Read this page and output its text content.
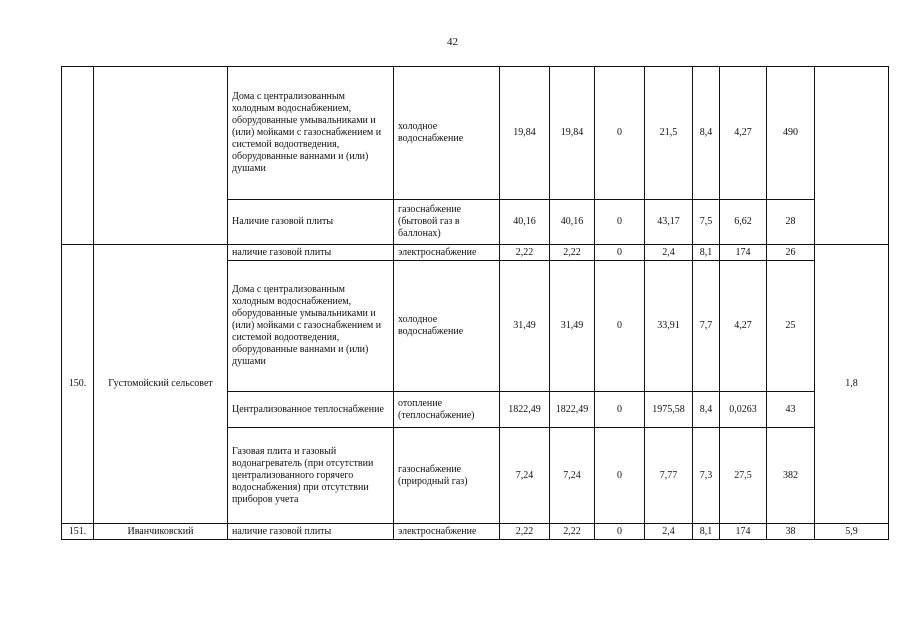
42
		Дома с централизованным холодным водоснабжением, оборудованные умывальниками и (или) мойками с газоснабжением и системой водоотведения, оборудованные ваннами и (или) душами	холодное водоснабжение	19,84	19,84	0	21,5	8,4	4,27	490	
		Наличие газовой плиты	газоснабжение (бытовой газ в баллонах)	40,16	40,16	0	43,17	7,5	6,62	28	
150.	Густомойский сельсовет	наличие газовой плиты	электроснабжение	2,22	2,22	0	2,4	8,1	174	26	1,8
		Дома с централизованным холодным водоснабжением, оборудованные умывальниками и (или) мойками с газоснабжением и системой водоотведения, оборудованные ваннами и (или) душами	холодное водоснабжение	31,49	31,49	0	33,91	7,7	4,27	25	
		Централизованное теплоснабжение	отопление (теплоснабжение)	1822,49	1822,49	0	1975,58	8,4	0,0263	43	
		Газовая плита и газовый водонагреватель (при отсутствии централизованного горячего водоснабжения) при отсутствии приборов учета	газоснабжение (природный газ)	7,24	7,24	0	7,77	7,3	27,5	382	
151.	Иванчиковский	наличие газовой плиты	электроснабжение	2,22	2,22	0	2,4	8,1	174	38	5,9
